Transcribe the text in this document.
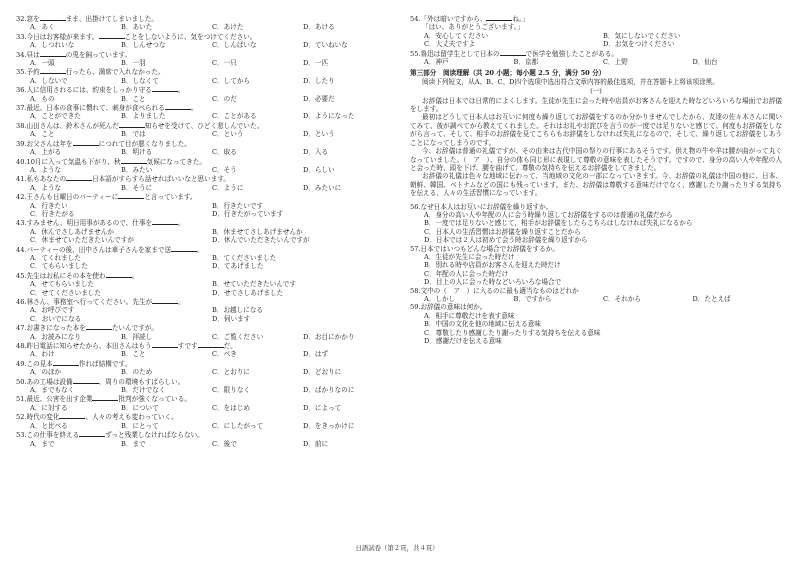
32.窓を	まま、出掛けてしまいました。
A．あく	B．あいた	C．あけた	D．あける
33.今日はお客様が来ます。	ことをしないように、気をつけてください。
A．しつれいな	B．しんせつな	C．しんぱいな	D．ていねいな
34.昼は	の兎を飼っています。
A．一頭	B．一羽	C．一只	D．一匹
35.予約	行ったら、満席で入れなかった。
A．しないで	B．しなくて	C．してから	D．したり
36.人に信用されるには、約束をしっかり守る	。
A．もの	B．こと	C．のだ	D．必要だ
37.最近、日本の食事に慣れて、刺身が食べられる	。
A．ことができた	B．よりました	C．ことがある	D．ようになった
38.山田さんは、鈴木さんが死んだ	知らせを受けて、ひどく悲しんでいた。
A．こと	B．では	C．という	D．という
39.お父さんは年を	につれて目が悪くなりました。
A．上がる	B．明ける	C．取る	D．入る
40.10月に入って気温も下がり、秋	気候になってきた。
A．ような	B．みたい	C．そう	D．らしい
41.私もあなたの	日本語がすらすら話せればいいなと思います。
A．ような	B．そうに	C．ように	D．みたいに
42.王さんも日曜日のパーティーに	と言っています。
A．行きたい	B．行きたいです
C．行きたがる	D．行きたがっています
43.すみません、明日用事があるので、仕事を	。
A．休んでさしあげませんか	B．休ませてさしあげませんか
C．休ませていただきたいんですが	D．休んでいただきたいんですが
44.パーティーの後、田中さんは車子さんを家まで送	。
A．てくれました	B．てくださいました
C．てもらいました	D．てあげました
45.先生はお私にその本を使わ	。
A．せてもらいました	B．せていただきたいんです
C．せてくださいました	D．せてさしあげました
46.林さん、事務室へ行ってください。先生が	。
A．お呼びです	B．お越しになる
C．おいでになる	D．伺います
47.お書きになった本を	たいんですが。
A．お読みになり	B．拝読し	C．ご覧ください	D．お目にかかり
48.昨日電話に知らせたから、本田さんはもう	すです	だ。
A．わけ	B．こと	C．べき	D．はず
49.この見本	作れば結構です。
A．のほか	B．のため	C．とおりに	D．どおりに
50.あの工場は設備	、周りの環境もすばらしい。
A．までもなく	B．だけでなく	C．限りなく	D．ばかりなのに
51.最近、公害を出す企業	批判が強くなっている。
A．に対する	B．について	C．をはじめ	D．によって
52.時代の変化	、人々の考えも変わっていく。
A．と比べる	B．にとって	C．にしたがって	D．をきっかけに
53.この仕事を終える	ずっと残業しなければならない。
A．まで	B．まで	C．後で	D．前に
54.「外は暗いですから、	ね。」
「はい、ありがとうございます。」
A．安心してください	B．気にしないでください
C．大丈夫ですよ	D．お気をつけください
55.魯迅は留学生として日本の	で医学を勉強したことがある。
A．神戸	B．京都	C．上野	D．仙台
第三部分　阅读理解（共 20 小题；每小题 2.5 分，满分 50 分）
阅读下列短文，从A、B、C、D四个选项中选出符合文章内容的最佳选项，并在答题卡上将该项涂黑。
(一)
お辞儀は日本では日常的によくします。生徒が先生に会った時や店員がお客さんを迎えた時などいろいろな場面でお辞儀をします。
最初はどうして日本人はお互いに何度も繰り返してお辞儀をするのか分かりませんでしたから、友達の佐々木さんに聞いてみて、彼が調べてから教えてくれました。それはお礼やお詫びを言うのが一度では足りないと感じて、何度もお辞儀をしながら言って、そして、相手のお辞儀を見てこちらもお辞儀をしなければ失礼になるので、そして、繰り返してお辞儀をしあうことになってしまうのです。
今、お辞儀は普通の礼儀ですが、その由来は古代中国の祭りの行事にあるそうです。供え物の牛や羊は腰が曲がって丸くなっていました。（　ア　）、自分の体も同じ形に表現して尊敬の意味を表したそうです。ですので、身分の高い人や年配の人と会った時、頭を下げ、腰を曲げて、尊敬の気持ちを伝えるお辞儀をしてきました。
お辞儀の礼儀は色々な地域に伝わって、当地域の文化の一部になっていきます。今、お辞儀の礼儀は中国の他に、日本、朝鮮、韓国、ベトナムなどの国にも残っています。また、お辞儀は尊敬する意味だけでなく、感謝したり謝ったりする気持ちを伝える、人々の生活習慣になっています。
56.なぜ日本人はお互いにお辞儀を繰り返すか。
A．身分の高い人や年配の人に会う時繰り返してお辞儀をするのは普通の礼儀だから
B．一度では足りないと感じて，相手がお辞儀をしたらこちらはしなければ失礼になるから
C．日本人の生活習慣はお辞儀を繰り返すことだから
D．日本では２人は初めて会う時お辞儀を繰り返すから
57.日本ではいつもどんな場合でお辞儀をするか。
A．生徒が先生に会った時だけ
B．別れる時や店員がお客さんを迎えた時だけ
C．年配の人に会った時だけ
D．目上の人に会った時などいろいろな場合で
58.文中の（　ア　）に入るのに最も適当なものはどれか
A．しかし	B．ですから	C．それから	D．たとえば
59.お辞儀の意味は何か。
A．相手に尊敬だけを表す意味
B．中国の文化を他の地域に伝える意味
C．尊敬したり感謝したり謝ったりする気持ちを伝える意味
D．感謝だけを伝える意味
日語試卷（第２頁，共４頁）
